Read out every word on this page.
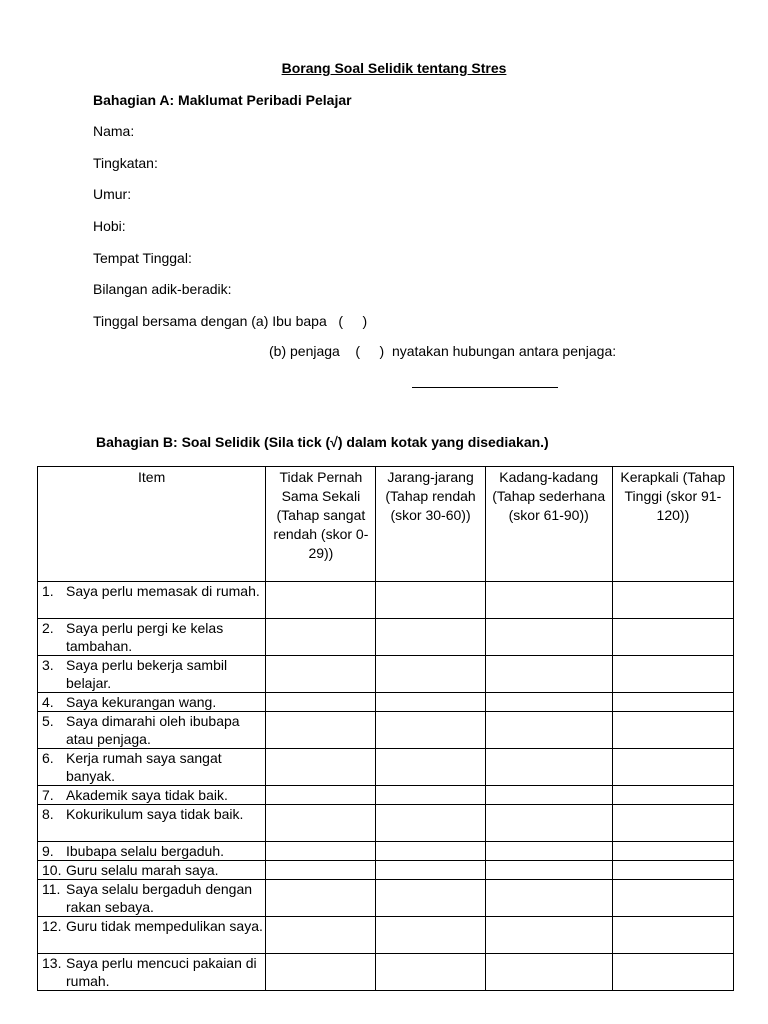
Borang Soal Selidik tentang Stres
Bahagian A: Maklumat Peribadi Pelajar
Nama:
Tingkatan:
Umur:
Hobi:
Tempat Tinggal:
Bilangan adik-beradik:
Tinggal bersama dengan (a) Ibu bapa   (     )
(b) penjaga    (     )  nyatakan hubungan antara penjaga:
Bahagian B: Soal Selidik (Sila tick (√) dalam kotak yang disediakan.)
Item	Tidak Pernah Sama Sekali (Tahap sangat rendah (skor 0-29))	Jarang-jarang (Tahap rendah (skor 30-60))	Kadang-kadang (Tahap sederhana (skor 61-90))	Kerapkali (Tahap Tinggi (skor 91-120))

1. Saya perlu memasak di rumah.				

2. Saya perlu pergi ke kelas tambahan.				

3. Saya perlu bekerja sambil belajar.				

4. Saya kekurangan wang.				

5. Saya dimarahi oleh ibubapa atau penjaga.				

6. Kerja rumah saya sangat banyak.				

7. Akademik saya tidak baik.				

8. Kokurikulum saya tidak baik.				

9. Ibubapa selalu bergaduh.				

10. Guru selalu marah saya.				

11. Saya selalu bergaduh dengan rakan sebaya.				

12. Guru tidak mempedulikan saya.				

13. Saya perlu mencuci pakaian di rumah.				
